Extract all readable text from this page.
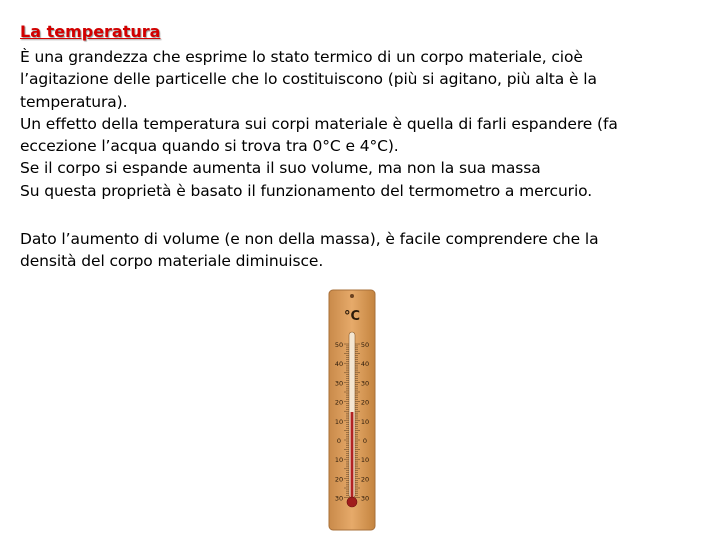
La temperatura
È una grandezza che esprime lo stato termico di un corpo materiale, cioè
l’agitazione delle particelle che lo costituiscono (più si agitano, più alta è la
temperatura).
Un effetto della temperatura sui corpi materiale è quella di farli espandere (fa
eccezione l’acqua quando si trova tra 0°C e 4°C).
Se il corpo si espande aumenta il suo volume, ma non la sua massa
Su questa proprietà è basato il funzionamento del termometro a mercurio.
Dato l’aumento di volume (e non della massa), è facile comprendere che la
densità del corpo materiale diminuisce.
°C
50	50
40	40
30	30
20	20
10	10
0	0
10	10
20	20
30	30
